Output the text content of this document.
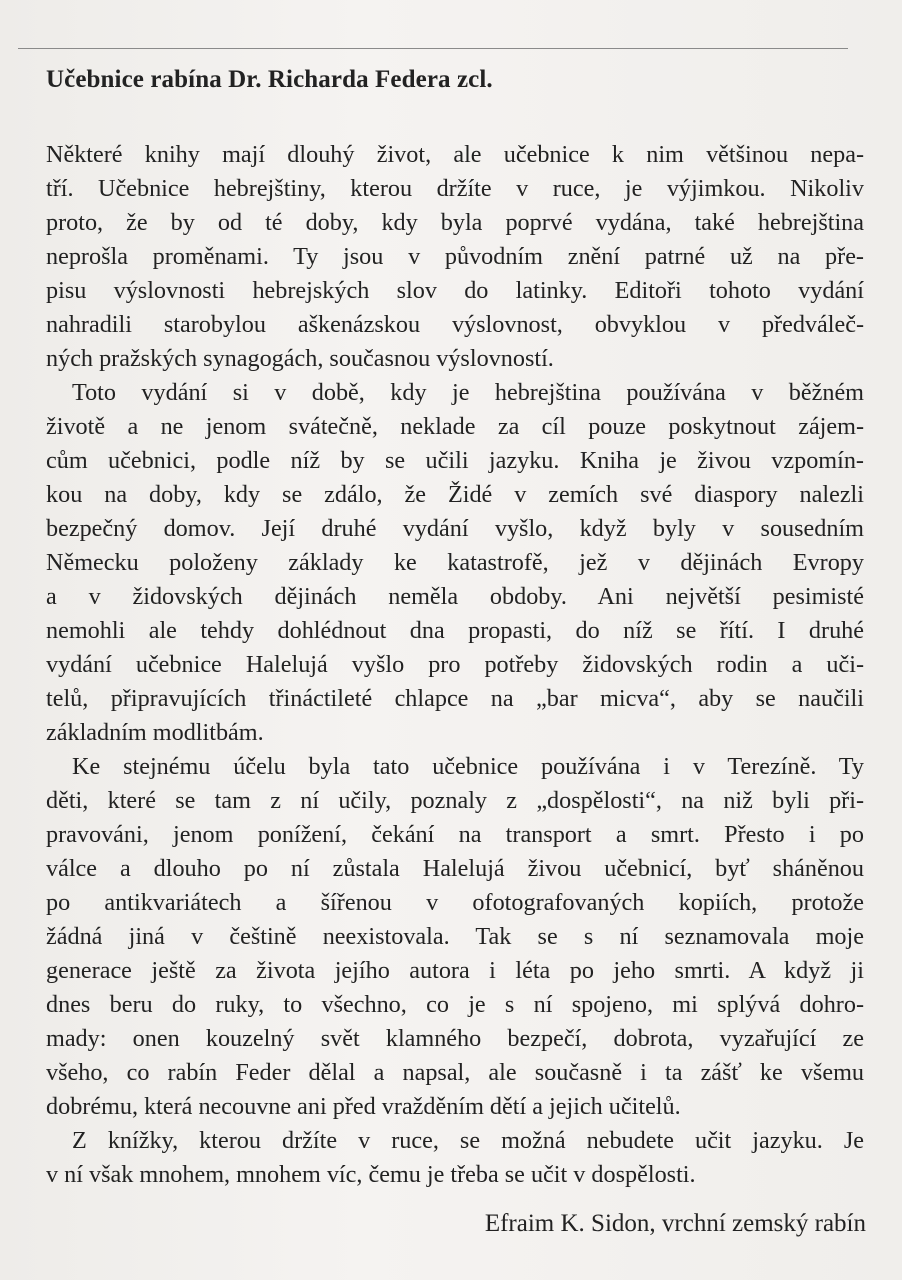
Učebnice rabína Dr. Richarda Federa zcl.
Některé knihy mají dlouhý život, ale učebnice k nim většinou nepa-
tří. Učebnice hebrejštiny, kterou držíte v ruce, je výjimkou. Nikoliv
proto, že by od té doby, kdy byla poprvé vydána, také hebrejština
neprošla proměnami. Ty jsou v původním znění patrné už na pře-
pisu výslovnosti hebrejských slov do latinky. Editoři tohoto vydání
nahradili starobylou aškenázskou výslovnost, obvyklou v předváleč-
ných pražských synagogách, současnou výslovností.
Toto vydání si v době, kdy je hebrejština používána v běžném
životě a ne jenom svátečně, neklade za cíl pouze poskytnout zájem-
cům učebnici, podle níž by se učili jazyku. Kniha je živou vzpomín-
kou na doby, kdy se zdálo, že Židé v zemích své diaspory nalezli
bezpečný domov. Její druhé vydání vyšlo, když byly v sousedním
Německu položeny základy ke katastrofě, jež v dějinách Evropy
a v židovských dějinách neměla obdoby. Ani největší pesimisté
nemohli ale tehdy dohlédnout dna propasti, do níž se řítí. I druhé
vydání učebnice Halelujá vyšlo pro potřeby židovských rodin a uči-
telů, připravujících třináctileté chlapce na „bar micva“, aby se naučili
základním modlitbám.
Ke stejnému účelu byla tato učebnice používána i v Terezíně. Ty
děti, které se tam z ní učily, poznaly z „dospělosti“, na niž byli při-
pravováni, jenom ponížení, čekání na transport a smrt. Přesto i po
válce a dlouho po ní zůstala Halelujá živou učebnicí, byť sháněnou
po antikvariátech a šířenou v ofotografovaných kopiích, protože
žádná jiná v češtině neexistovala. Tak se s ní seznamovala moje
generace ještě za života jejího autora i léta po jeho smrti. A když ji
dnes beru do ruky, to všechno, co je s ní spojeno, mi splývá dohro-
mady: onen kouzelný svět klamného bezpečí, dobrota, vyzařující ze
všeho, co rabín Feder dělal a napsal, ale současně i ta zášť ke všemu
dobrému, která necouvne ani před vražděním dětí a jejich učitelů.
Z knížky, kterou držíte v ruce, se možná nebudete učit jazyku. Je
v ní však mnohem, mnohem víc, čemu je třeba se učit v dospělosti.

Efraim K. Sidon, vrchní zemský rabín
